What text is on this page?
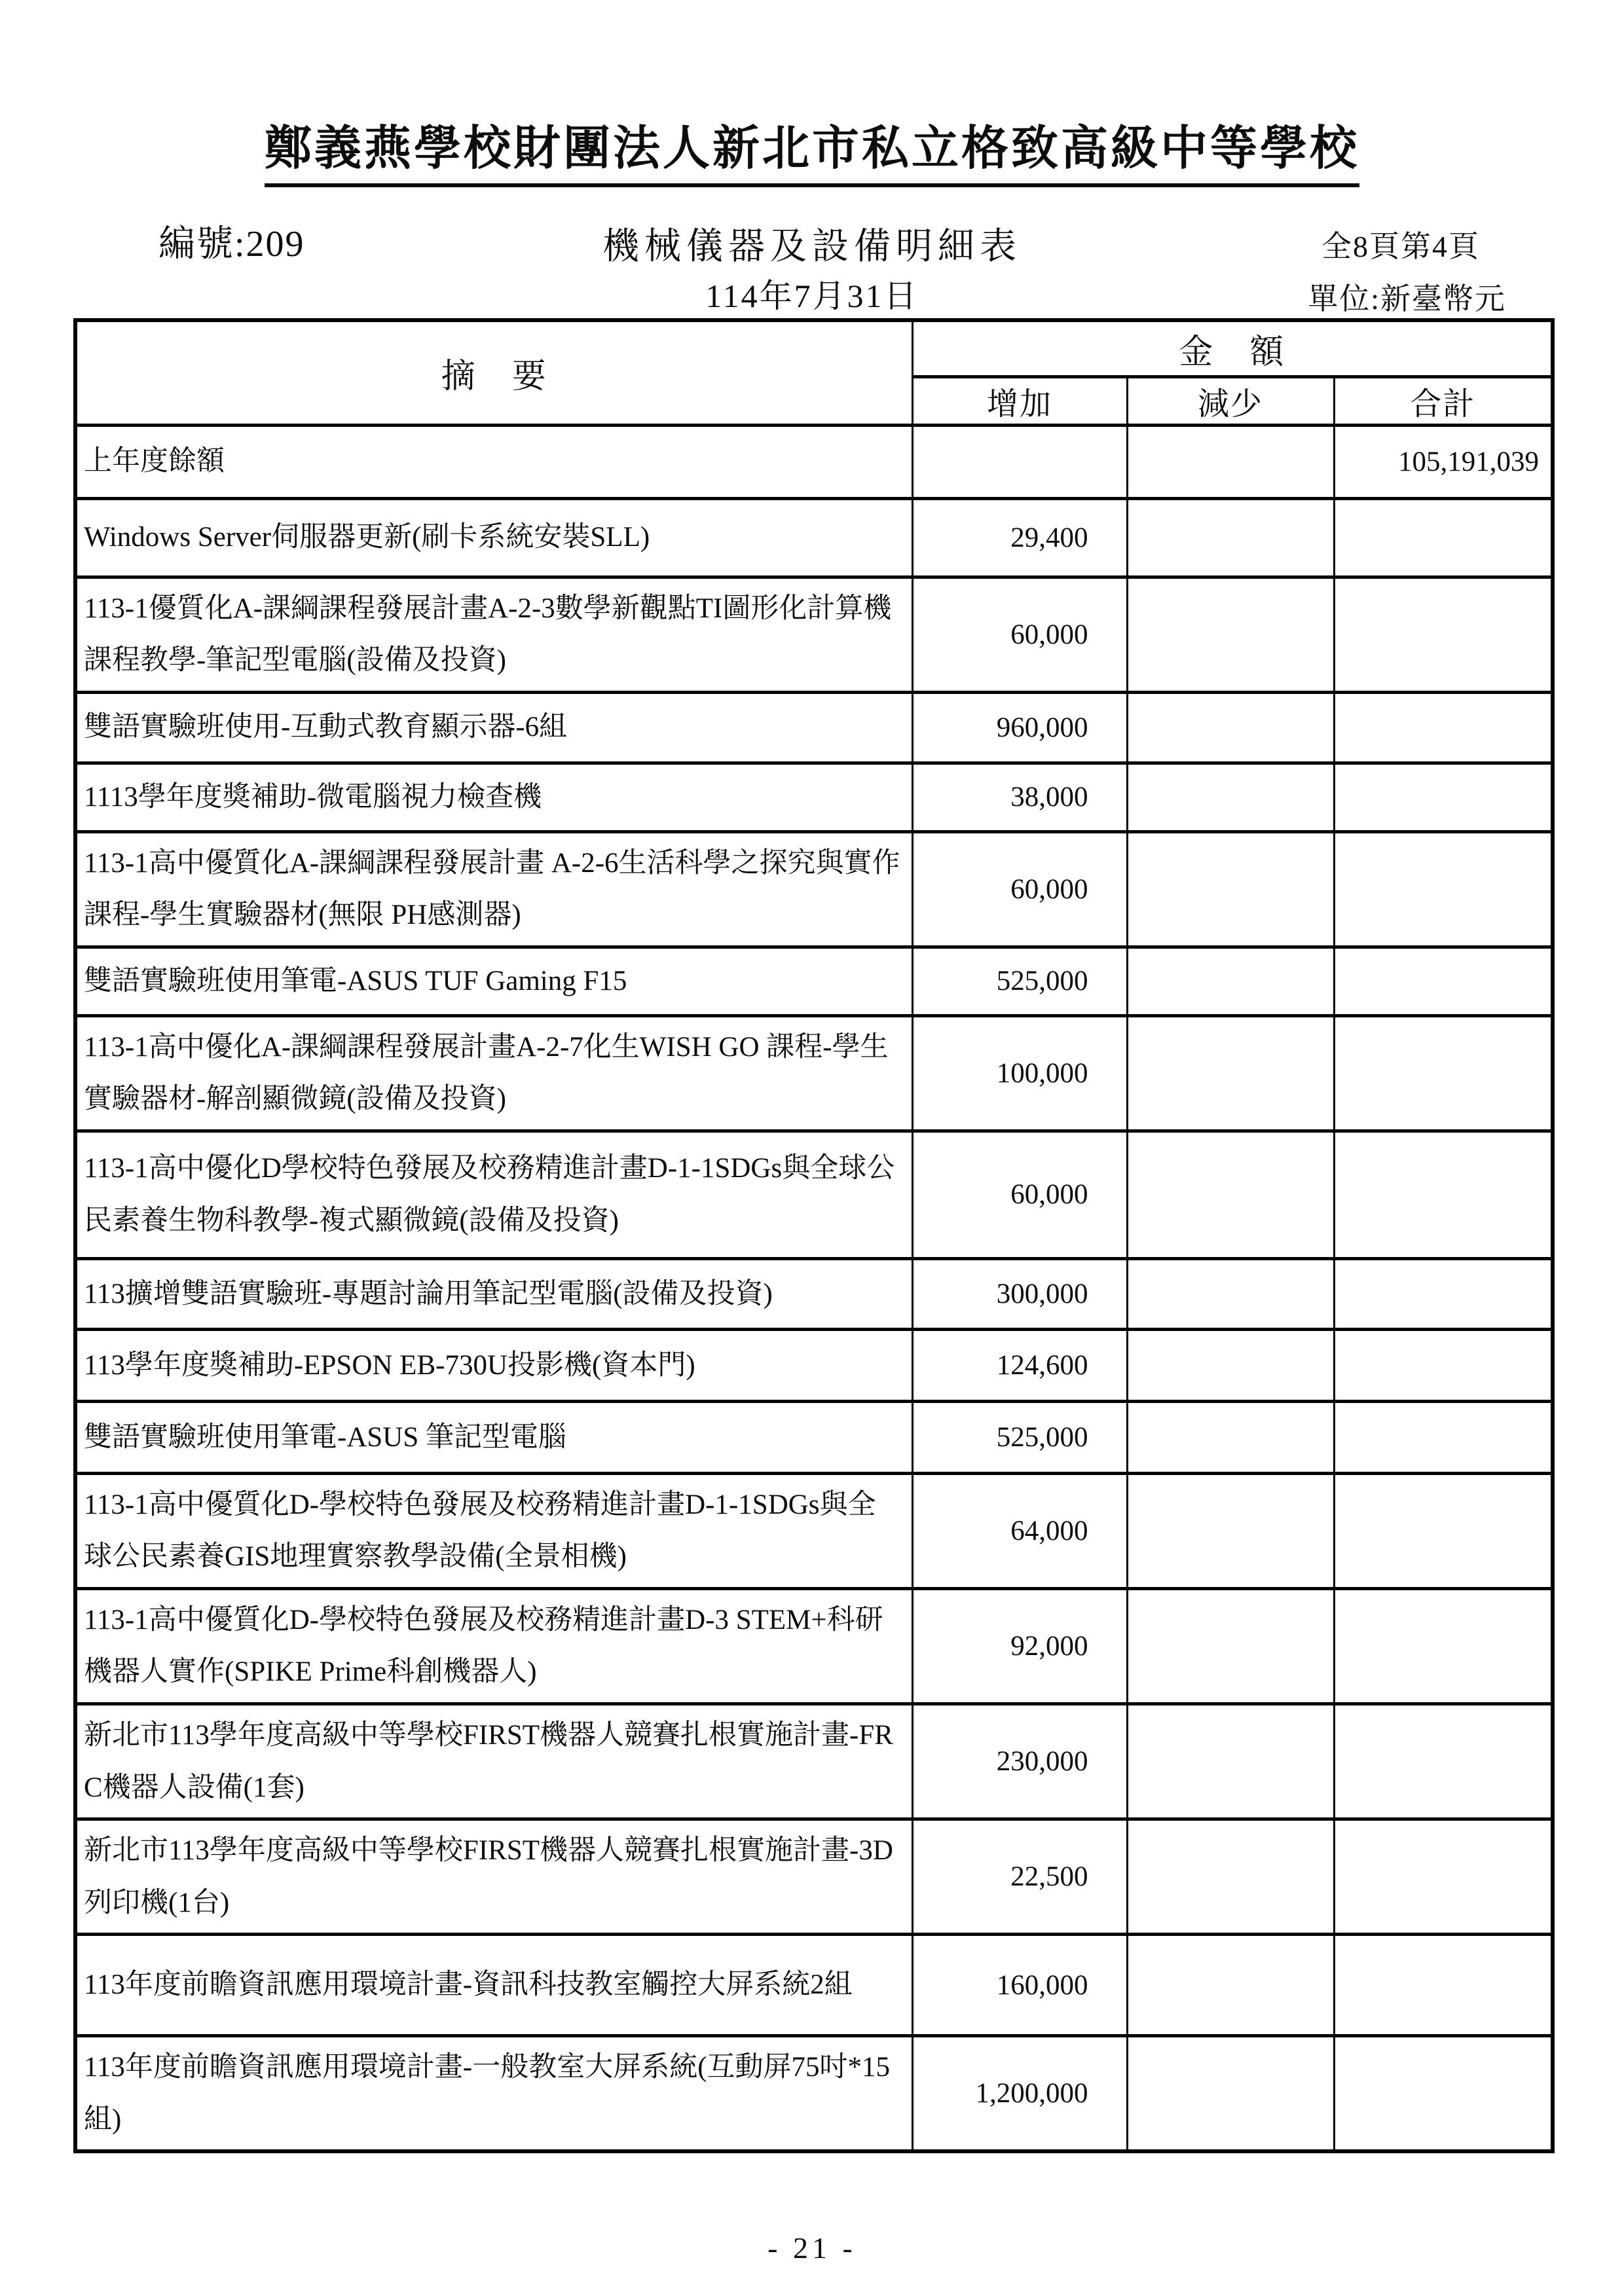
鄭義燕學校財團法人新北市私立格致高級中等學校
編號:209	機械儀器及設備明細表	全8頁第4頁
114年7月31日	單位:新臺幣元
摘　要	金　額		
	增加	減少	合計
上年度餘額			105,191,039
Windows Server伺服器更新(刷卡系統安裝SLL)	29,400		
113-1優質化A-課綱課程發展計畫A-2-3數學新觀點TI圖形化計算機課程教學-筆記型電腦(設備及投資)	60,000		
雙語實驗班使用-互動式教育顯示器-6組	960,000		
1113學年度獎補助-微電腦視力檢查機	38,000		
113-1高中優質化A-課綱課程發展計畫 A-2-6生活科學之探究與實作課程-學生實驗器材(無限 PH感測器)	60,000		
雙語實驗班使用筆電-ASUS TUF Gaming F15	525,000		
113-1高中優化A-課綱課程發展計畫A-2-7化生WISH GO 課程-學生實驗器材-解剖顯微鏡(設備及投資)	100,000		
113-1高中優化D學校特色發展及校務精進計畫D-1-1SDGs與全球公民素養生物科教學-複式顯微鏡(設備及投資)	60,000		
113擴增雙語實驗班-專題討論用筆記型電腦(設備及投資)	300,000		
113學年度獎補助-EPSON EB-730U投影機(資本門)	124,600		
雙語實驗班使用筆電-ASUS 筆記型電腦	525,000		
113-1高中優質化D-學校特色發展及校務精進計畫D-1-1SDGs與全球公民素養GIS地理實察教學設備(全景相機)	64,000		
113-1高中優質化D-學校特色發展及校務精進計畫D-3 STEM+科研機器人實作(SPIKE Prime科創機器人)	92,000		
新北市113學年度高級中等學校FIRST機器人競賽扎根實施計畫-FRC機器人設備(1套)	230,000		
新北市113學年度高級中等學校FIRST機器人競賽扎根實施計畫-3D列印機(1台)	22,500		
113年度前瞻資訊應用環境計畫-資訊科技教室觸控大屏系統2組	160,000		
113年度前瞻資訊應用環境計畫-一般教室大屏系統(互動屏75吋*15組)	1,200,000		
- 21 -
